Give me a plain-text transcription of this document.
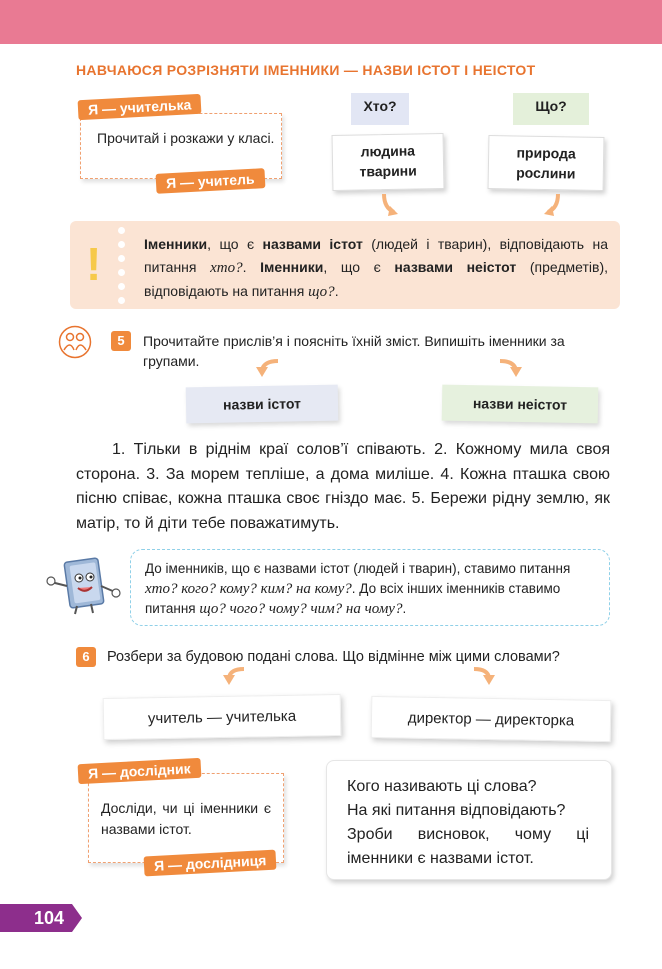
НАВЧАЮСЯ РОЗРІЗНЯТИ ІМЕННИКИ — НАЗВИ ІСТОТ І НЕІСТОТ
Прочитай і розкажи у класі.
Я — учителька
Я — учитель
Хто?	Що?
людина
тварини
природа
рослини
!	Іменники, що є назвами істот (людей і тварин), відповідають на питання хто?. Іменники, що є назвами неістот (предметів), відповідають на питання що?.
5	Прочитайте прислів’я і поясніть їхній зміст. Випишіть іменники за групами.
назви істот	назви неістот
1. Тільки в ріднім краї солов’ї співають. 2. Кожному мила своя сторона. 3. За морем тепліше, а дома миліше. 4. Кожна пташка свою пісню співає, кожна пташка своє гніздо має. 5. Бережи рідну землю, як матір, то й діти тебе поважатимуть.
До іменників, що є назвами істот (людей і тварин), ставимо питання хто? кого? кому? ким? на кому?. До всіх інших іменників ставимо питання що? чого? чому? чим? на чому?.
6	Розбери за будовою подані слова. Що відмінне між цими словами?
учитель — учителька	директор — директорка
Досліди, чи ці іменники є назвами істот.
Я — дослідник
Я — дослідниця
Кого називають ці слова?
На які питання відповідають?
Зроби висновок, чому ці іменники є назвами істот.
104
